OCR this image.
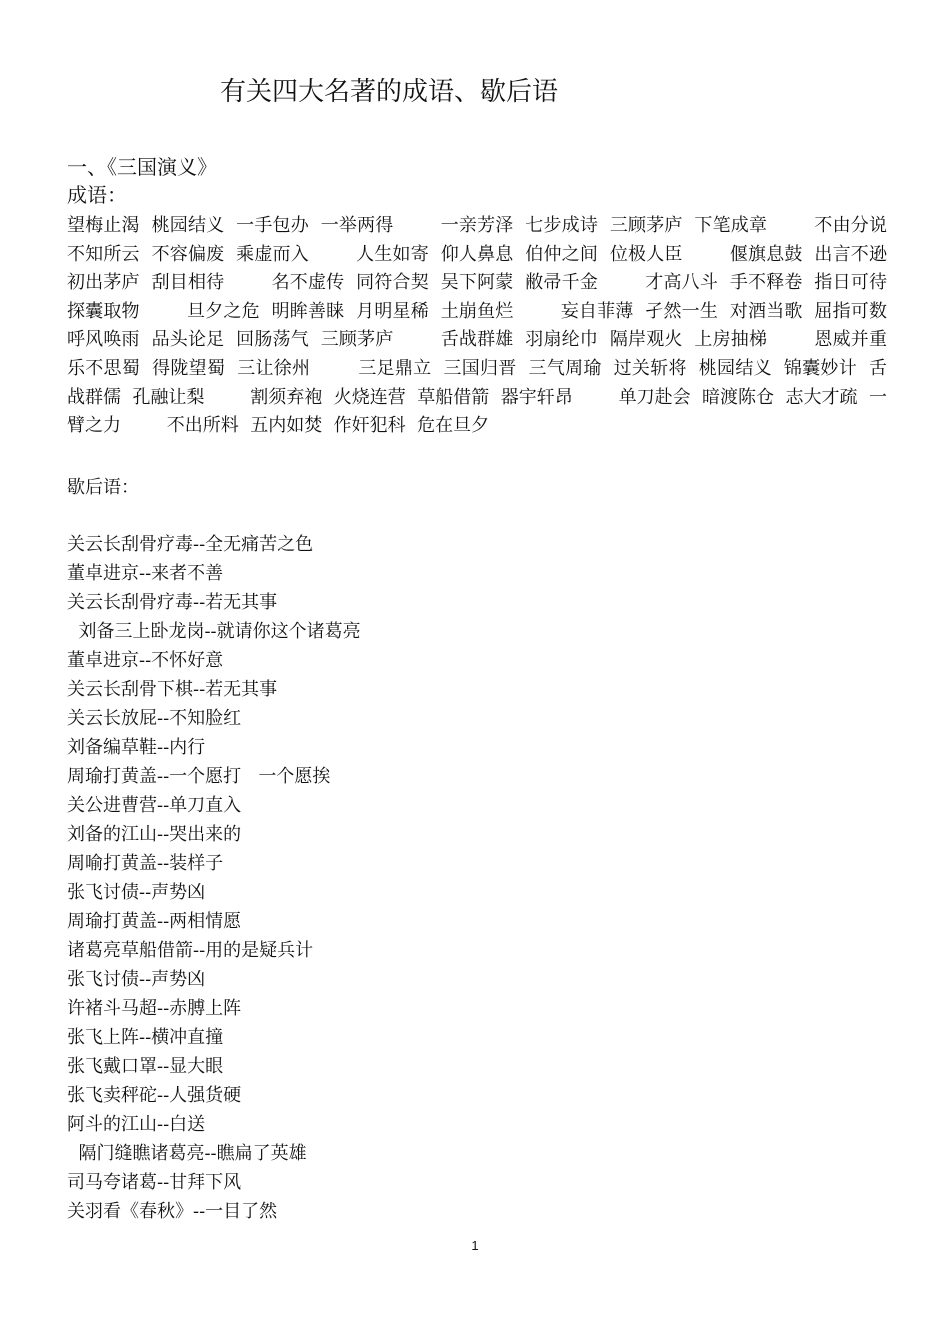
有关四大名著的成语、歇后语
一、《三国演义》
成语：
望梅止渴  桃园结义  一手包办  一举两得        一亲芳泽  七步成诗  三顾茅庐  下笔成章        不由分说  不知所云  不容偏废  乘虚而入        人生如寄  仰人鼻息  伯仲之间  位极人臣        偃旗息鼓  出言不逊  初出茅庐  刮目相待        名不虚传  同符合契  吴下阿蒙  敝帚千金        才高八斗  手不释卷  指日可待  探囊取物        旦夕之危  明眸善睐  月明星稀  土崩鱼烂        妄自菲薄  孑然一生  对酒当歌  屈指可数        呼风唤雨  品头论足  回肠荡气  三顾茅庐        舌战群雄  羽扇纶巾  隔岸观火  上房抽梯        恩威并重  乐不思蜀  得陇望蜀  三让徐州        三足鼎立  三国归晋  三气周瑜  过关斩将  桃园结义  锦囊妙计  舌战群儒  孔融让梨        割须弃袍  火烧连营  草船借箭  器宇轩昂        单刀赴会  暗渡陈仓  志大才疏  一臂之力        不出所料  五内如焚  作奸犯科  危在旦夕
歇后语：
关云长刮骨疗毒--全无痛苦之色
董卓进京--来者不善
关云长刮骨疗毒--若无其事
刘备三上卧龙岗--就请你这个诸葛亮
董卓进京--不怀好意
关云长刮骨下棋--若无其事
关云长放屁--不知脸红
刘备编草鞋--内行
周瑜打黄盖--一个愿打   一个愿挨
关公进曹营--单刀直入
刘备的江山--哭出来的
周喻打黄盖--装样子
张飞讨债--声势凶
周瑜打黄盖--两相情愿
诸葛亮草船借箭--用的是疑兵计
张飞讨债--声势凶
许褚斗马超--赤膊上阵
张飞上阵--横冲直撞
张飞戴口罩--显大眼
张飞卖秤砣--人强货硬
阿斗的江山--白送
隔门缝瞧诸葛亮--瞧扁了英雄
司马夸诸葛--甘拜下风
关羽看《春秋》--一目了然
1
